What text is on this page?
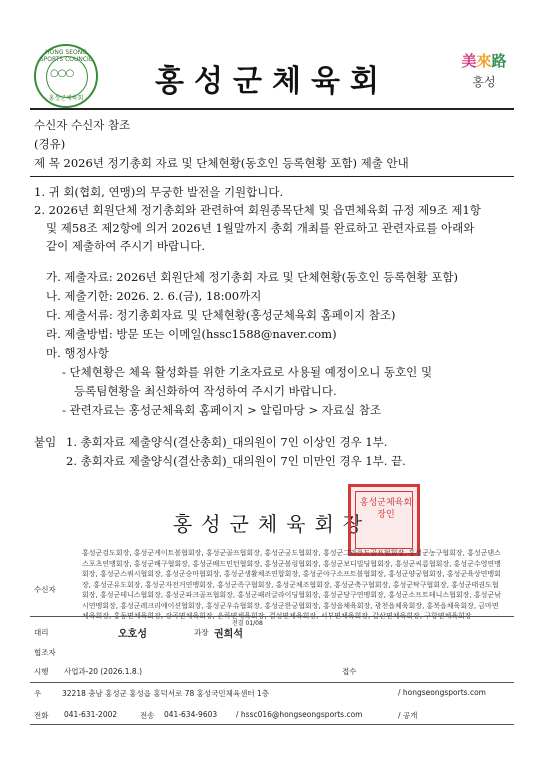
○○○
HONG SEONG SPORTS COUNCIL
홍성군체육회	홍성군체육회
美來路
홍성
수신자 수신자 참조
(경유)
제 목 2026년 정기총회 자료 및 단체현황(동호인 등록현황 포함) 제출 안내
1. 귀 회(협회, 연맹)의 무궁한 발전을 기원합니다.
2. 2026년 회원단체 정기총회와 관련하여 회원종목단체 및 읍면체육회 규정 제9조 제1항
및 제58조 제2항에 의거 2026년 1월말까지 총회 개최를 완료하고 관련자료를 아래와
같이 제출하여 주시기 바랍니다.
가. 제출자료: 2026년 회원단체 정기총회 자료 및 단체현황(동호인 등록현황 포함)
나. 제출기한: 2026. 2. 6.(금), 18:00까지
다. 제출서류: 정기총회자료 및 단체현황(홍성군체육회 홈페이지 참조)
라. 제출방법: 방문 또는 이메일(hssc1588@naver.com)
마. 행정사항
- 단체현황은 체육 활성화를 위한 기초자료로 사용될 예정이오니 동호인 및
등록팀현황을 최신화하여 작성하여 주시기 바랍니다.
- 관련자료는 홍성군체육회 홈페이지 > 알림마당 > 자료실 참조
붙임 1. 총회자료 제출양식(결산총회)_대의원이 7인 이상인 경우 1부.
2. 총회자료 제출양식(결산총회)_대의원이 7인 미만인 경우 1부. 끝.
홍성군체육회장
홍성군체육회장인
수신자
홍성군검도회장, 홍성군게이트볼협회장, 홍성군골프협회장, 홍성군궁도협회장, 홍성군그라운드골프협회장, 홍성군농구협회장, 홍성군댄스스포츠연맹회장, 홍성군배구협회장, 홍성군배드민턴협회장, 홍성군볼링협회장, 홍성군보디빌딩협회장, 홍성군씨름협회장, 홍성군수영연맹회장, 홍성군스쿼시협회장, 홍성군승마협회장, 홍성군생활체조연합회장, 홍성군야구소프트볼협회장, 홍성군양궁협회장, 홍성군육상연맹회장, 홍성군유도회장, 홍성군자전거연맹회장, 홍성군족구협회장, 홍성군체조협회장, 홍성군축구협회장, 홍성군탁구협회장, 홍성군태권도협회장, 홍성군테니스협회장, 홍성군파크골프협회장, 홍성군패러글라이딩협회장, 홍성군당구연맹회장, 홍성군소프트테니스협회장, 홍성군낚시연맹회장, 홍성군레크리에이션협회장, 홍성군우슈협회장, 홍성군한궁협회장, 홍성읍체육회장, 광천읍체육회장, 홍북읍체육회장, 금마면체육회장, 홍동면체육회장, 장곡면체육회장, 은하면체육회장, 결성면체육회장, 서부면체육회장, 갈산면체육회장, 구항면체육회장
전결 01/08
대리	오호성	과장 권희석
협조자
시행 사업과-20 (2026.1.8.)	접수
우	32218 충남 홍성군 홍성읍 홍덕서로 78 홍성국민체육센터 1층	/ hongseongsports.com
전화 041-631-2002	전송 041-634-9603	/ hssc016@hongseongsports.com	/ 공개
